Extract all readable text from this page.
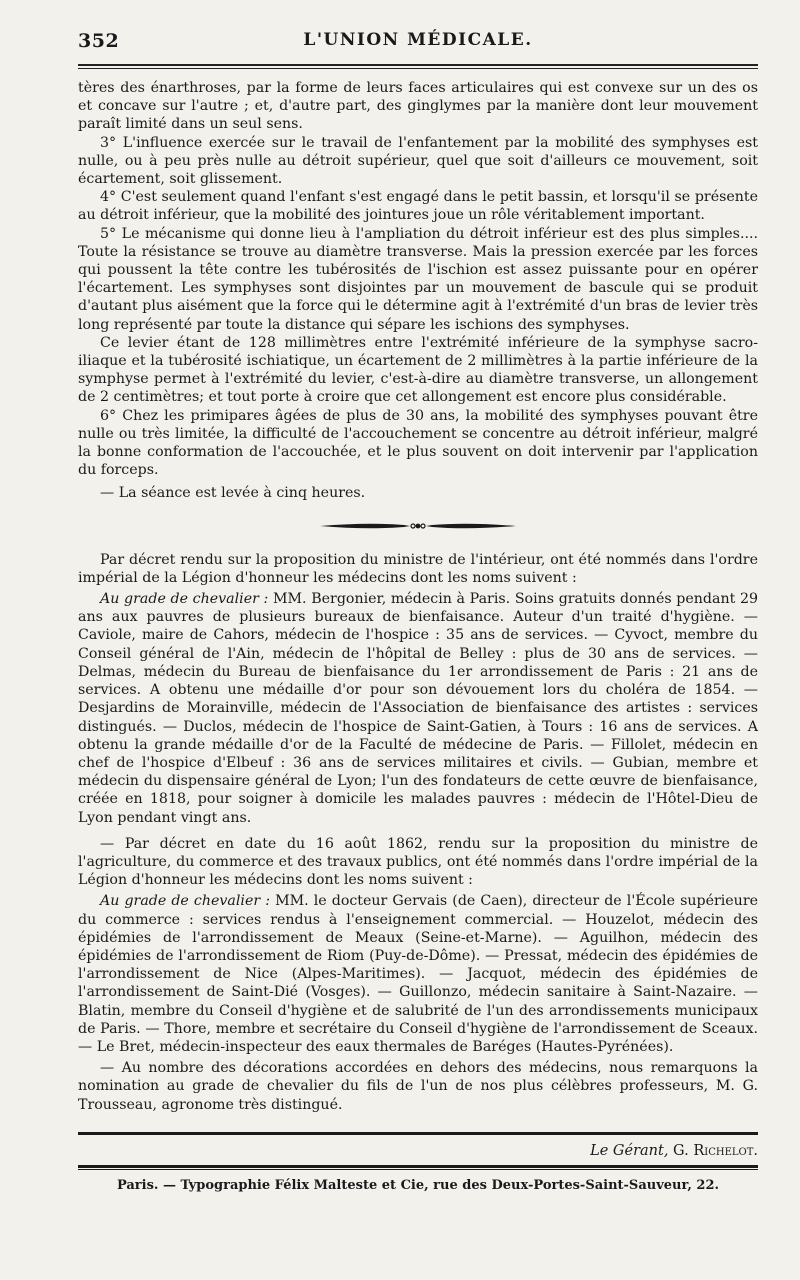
352	L'UNION MÉDICALE.

tères des énarthroses, par la forme de leurs faces articulaires qui est convexe sur un des os et concave sur l'autre ; et, d'autre part, des ginglymes par la manière dont leur mouvement paraît limité dans un seul sens.

3° L'influence exercée sur le travail de l'enfantement par la mobilité des symphyses est nulle, ou à peu près nulle au détroit supérieur, quel que soit d'ailleurs ce mouvement, soit écartement, soit glissement.

4° C'est seulement quand l'enfant s'est engagé dans le petit bassin, et lorsqu'il se présente au détroit inférieur, que la mobilité des jointures joue un rôle véritablement important.

5° Le mécanisme qui donne lieu à l'ampliation du détroit inférieur est des plus simples.... Toute la résistance se trouve au diamètre transverse. Mais la pression exercée par les forces qui poussent la tête contre les tubérosités de l'ischion est assez puissante pour en opérer l'écartement. Les symphyses sont disjointes par un mouvement de bascule qui se produit d'autant plus aisément que la force qui le détermine agit à l'extrémité d'un bras de levier très long représenté par toute la distance qui sépare les ischions des symphyses.

Ce levier étant de 128 millimètres entre l'extrémité inférieure de la symphyse sacro-iliaque et la tubérosité ischiatique, un écartement de 2 millimètres à la partie inférieure de la symphyse permet à l'extrémité du levier, c'est-à-dire au diamètre transverse, un allongement de 2 centimètres; et tout porte à croire que cet allongement est encore plus considérable.

6° Chez les primipares âgées de plus de 30 ans, la mobilité des symphyses pouvant être nulle ou très limitée, la difficulté de l'accouchement se concentre au détroit inférieur, malgré la bonne conformation de l'accouchée, et le plus souvent on doit intervenir par l'application du forceps.

— La séance est levée à cinq heures.

Par décret rendu sur la proposition du ministre de l'intérieur, ont été nommés dans l'ordre impérial de la Légion d'honneur les médecins dont les noms suivent :

Au grade de chevalier : MM. Bergonier, médecin à Paris. Soins gratuits donnés pendant 29 ans aux pauvres de plusieurs bureaux de bienfaisance. Auteur d'un traité d'hygiène. — Caviole, maire de Cahors, médecin de l'hospice : 35 ans de services. — Cyvoct, membre du Conseil général de l'Ain, médecin de l'hôpital de Belley : plus de 30 ans de services. — Delmas, médecin du Bureau de bienfaisance du 1er arrondissement de Paris : 21 ans de services. A obtenu une médaille d'or pour son dévouement lors du choléra de 1854. — Desjardins de Morainville, médecin de l'Association de bienfaisance des artistes : services distingués. — Duclos, médecin de l'hospice de Saint-Gatien, à Tours : 16 ans de services. A obtenu la grande médaille d'or de la Faculté de médecine de Paris. — Fillolet, médecin en chef de l'hospice d'Elbeuf : 36 ans de services militaires et civils. — Gubian, membre et médecin du dispensaire général de Lyon; l'un des fondateurs de cette œuvre de bienfaisance, créée en 1818, pour soigner à domicile les malades pauvres : médecin de l'Hôtel-Dieu de Lyon pendant vingt ans.

— Par décret en date du 16 août 1862, rendu sur la proposition du ministre de l'agriculture, du commerce et des travaux publics, ont été nommés dans l'ordre impérial de la Légion d'honneur les médecins dont les noms suivent :

Au grade de chevalier : MM. le docteur Gervais (de Caen), directeur de l'École supérieure du commerce : services rendus à l'enseignement commercial. — Houzelot, médecin des épidémies de l'arrondissement de Meaux (Seine-et-Marne). — Aguilhon, médecin des épidémies de l'arrondissement de Riom (Puy-de-Dôme). — Pressat, médecin des épidémies de l'arrondissement de Nice (Alpes-Maritimes). — Jacquot, médecin des épidémies de l'arrondissement de Saint-Dié (Vosges). — Guillonzo, médecin sanitaire à Saint-Nazaire. — Blatin, membre du Conseil d'hygiène et de salubrité de l'un des arrondissements municipaux de Paris. — Thore, membre et secrétaire du Conseil d'hygiène de l'arrondissement de Sceaux. — Le Bret, médecin-inspecteur des eaux thermales de Baréges (Hautes-Pyrénées).

— Au nombre des décorations accordées en dehors des médecins, nous remarquons la nomination au grade de chevalier du fils de l'un de nos plus célèbres professeurs, M. G. Trousseau, agronome très distingué.

Le Gérant, G. Richelot.
Paris. — Typographie Félix Malteste et Cie, rue des Deux-Portes-Saint-Sauveur, 22.
